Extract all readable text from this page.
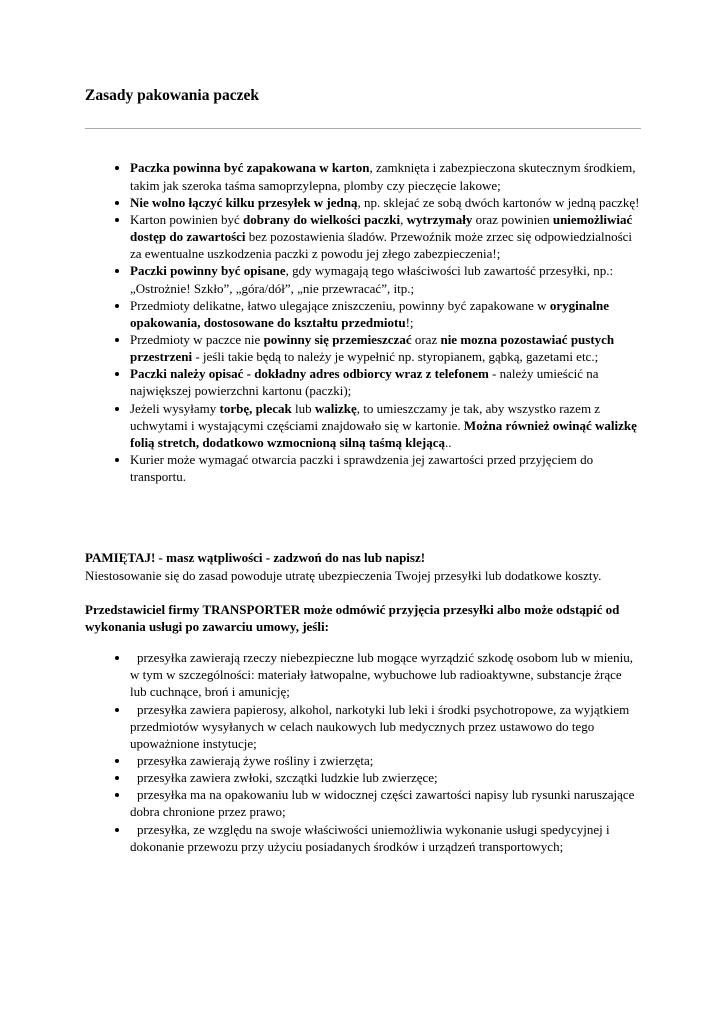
Zasady pakowania paczek
• Paczka powinna być zapakowana w karton, zamknięta i zabezpieczona skutecznym środkiem, takim jak szeroka taśma samoprzylepna, plomby czy pieczęcie lakowe;
• Nie wolno łączyć kilku przesyłek w jedną, np. sklejać ze sobą dwóch kartonów w jedną paczkę!
• Karton powinien być dobrany do wielkości paczki, wytrzymały oraz powinien uniemożliwiać dostęp do zawartości bez pozostawienia śladów. Przewoźnik może zrzec się odpowiedzialności za ewentualne uszkodzenia paczki z powodu jej złego zabezpieczenia!;
• Paczki powinny być opisane, gdy wymagają tego właściwości lub zawartość przesyłki, np.: „Ostrożnie! Szkło”, „góra/dół”, „nie przewracać”, itp.;
• Przedmioty delikatne, łatwo ulegające zniszczeniu, powinny być zapakowane w oryginalne opakowania, dostosowane do kształtu przedmiotu!;
• Przedmioty w paczce nie powinny się przemieszczać oraz nie mozna pozostawiać pustych przestrzeni - jeśli takie będą to należy je wypełnić np. styropianem, gąbką, gazetami etc.;
• Paczki należy opisać - dokładny adres odbiorcy wraz z telefonem - należy umieścić na największej powierzchni kartonu (paczki);
• Jeżeli wysyłamy torbę, plecak lub walizkę, to umieszczamy je tak, aby wszystko razem z uchwytami i wystającymi częściami znajdowało się w kartonie. Można również owinąć walizkę folią stretch, dodatkowo wzmocnioną silną taśmą klejącą..
• Kurier może wymagać otwarcia paczki i sprawdzenia jej zawartości przed przyjęciem do transportu.

PAMIĘTAJ! - masz wątpliwości - zadzwoń do nas lub napisz!

Niestosowanie się do zasad powoduje utratę ubezpieczenia Twojej przesyłki lub dodatkowe koszty.

Przedstawiciel firmy TRANSPORTER może odmówić przyjęcia przesyłki albo może odstąpić od wykonania usługi po zawarciu umowy, jeśli:

• przesyłka zawierają rzeczy niebezpieczne lub mogące wyrządzić szkodę osobom lub w mieniu, w tym w szczególności: materiały łatwopalne, wybuchowe lub radioaktywne, substancje żrące lub cuchnące, broń i amunicję;
• przesyłka zawiera papierosy, alkohol, narkotyki lub leki i środki psychotropowe, za wyjątkiem przedmiotów wysyłanych w celach naukowych lub medycznych przez ustawowo do tego upoważnione instytucje;
• przesyłka zawierają żywe rośliny i zwierzęta;
• przesyłka zawiera zwłoki, szczątki ludzkie lub zwierzęce;
• przesyłka ma na opakowaniu lub w widocznej części zawartości napisy lub rysunki naruszające dobra chronione przez prawo;
• przesyłka, ze względu na swoje właściwości uniemożliwia wykonanie usługi spedycyjnej i dokonanie przewozu przy użyciu posiadanych środków i urządzeń transportowych;
